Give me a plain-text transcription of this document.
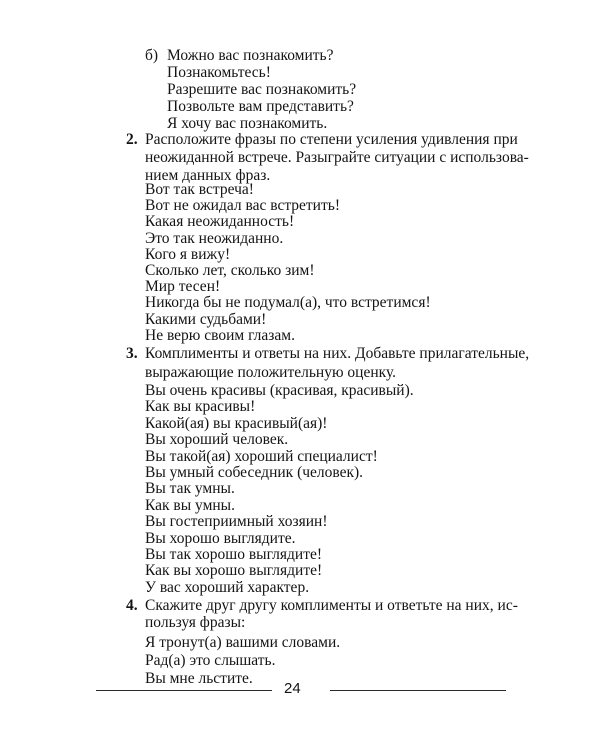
б) Можно вас познакомить?
Познакомьтесь!
Разрешите вас познакомить?
Позвольте вам представить?
Я хочу вас познакомить.
2. Расположите фразы по степени усиления удивления при
неожиданной встрече. Разыграйте ситуации с использова-
нием данных фраз.
Вот так встреча!
Вот не ожидал вас встретить!
Какая неожиданность!
Это так неожиданно.
Кого я вижу!
Сколько лет, сколько зим!
Мир тесен!
Никогда бы не подумал(а), что встретимся!
Какими судьбами!
Не верю своим глазам.
3. Комплименты и ответы на них. Добавьте прилагательные,
выражающие положительную оценку.
Вы очень красивы (красивая, красивый).
Как вы красивы!
Какой(ая) вы красивый(ая)!
Вы хороший человек.
Вы такой(ая) хороший специалист!
Вы умный собеседник (человек).
Вы так умны.
Как вы умны.
Вы гостеприимный хозяин!
Вы хорошо выглядите.
Вы так хорошо выглядите!
Как вы хорошо выглядите!
У вас хороший характер.
4. Скажите друг другу комплименты и ответьте на них, ис-
пользуя фразы:
Я тронут(а) вашими словами.
Рад(а) это слышать.
Вы мне льстите.
24
